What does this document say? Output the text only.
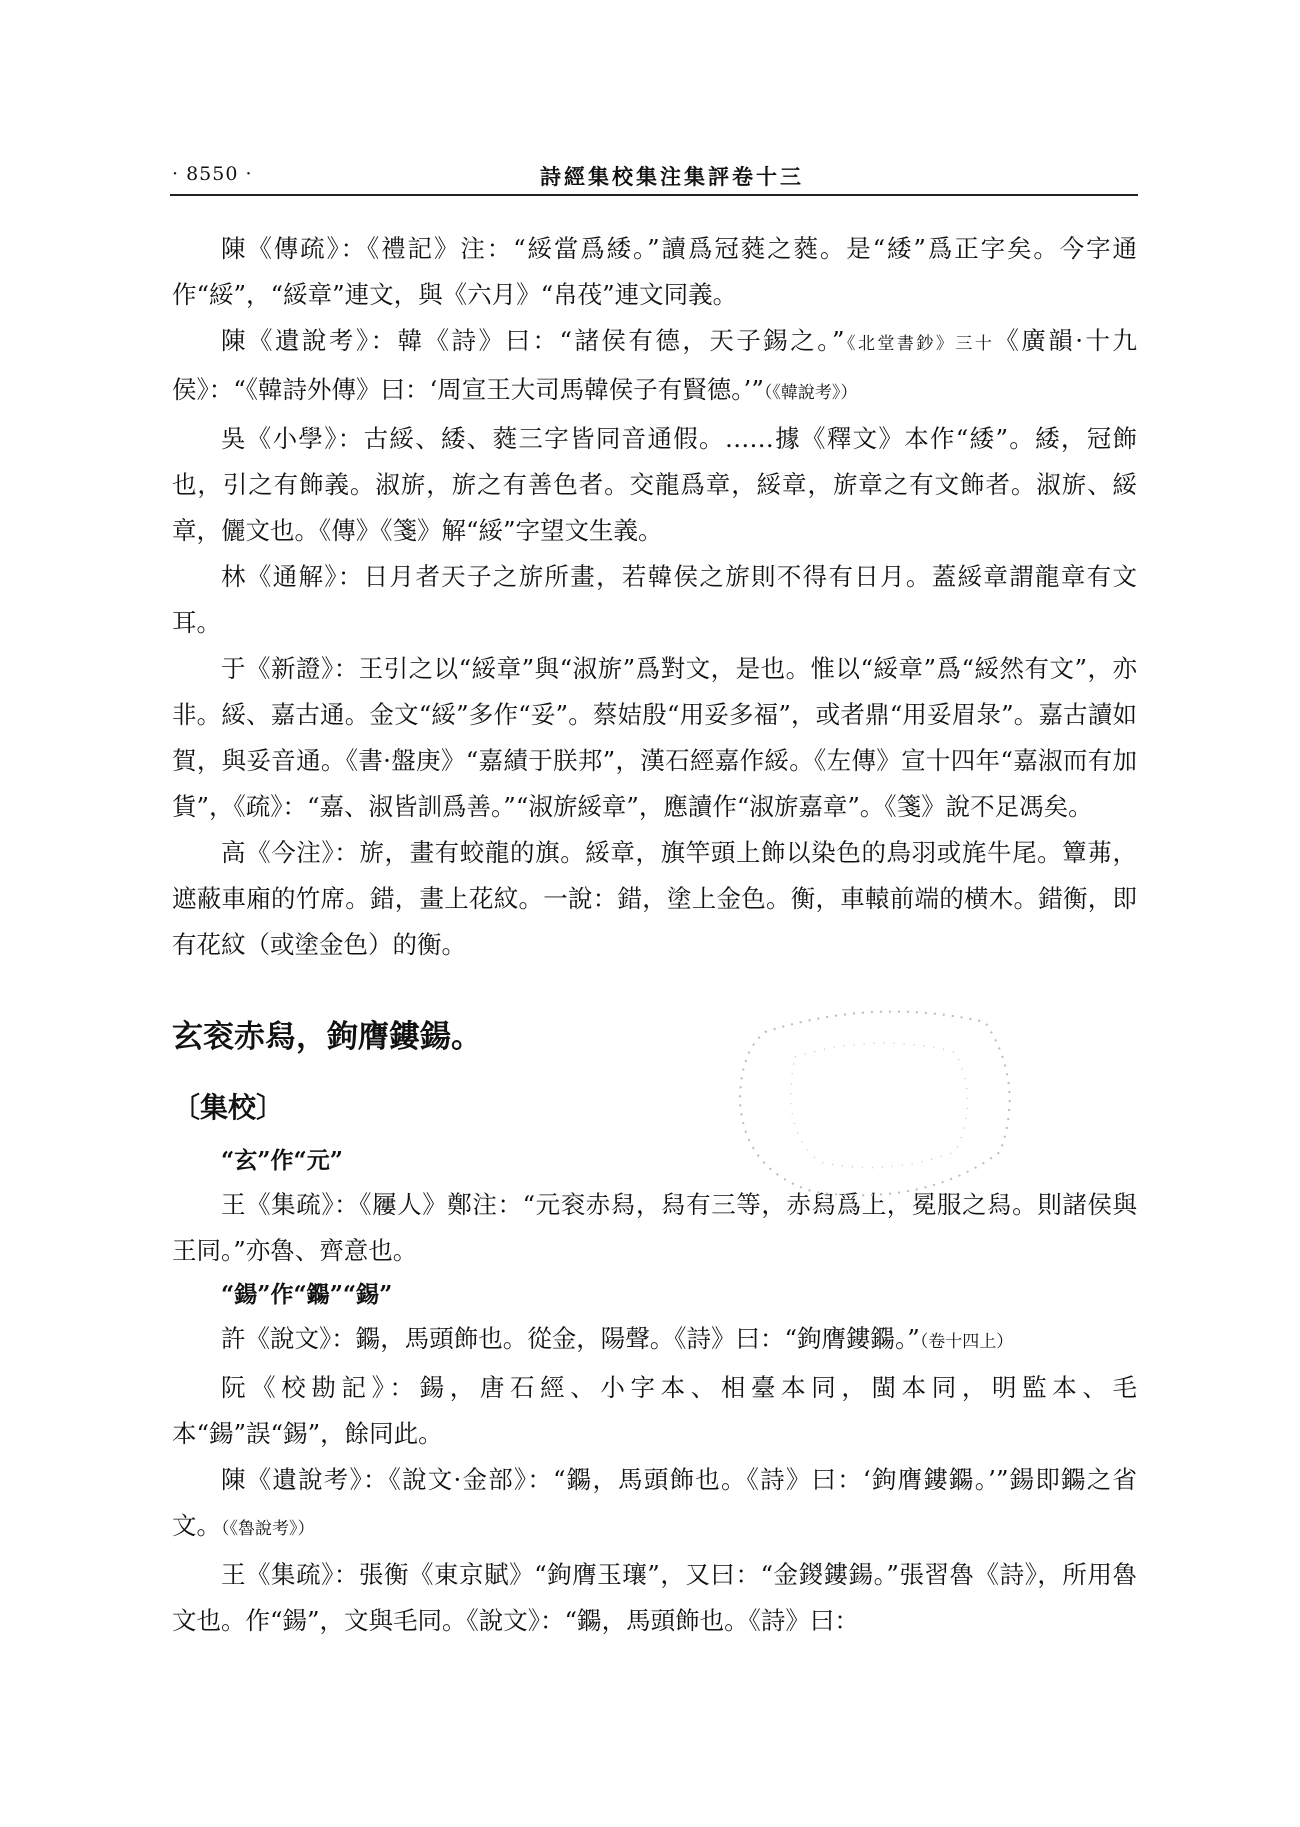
· 8550 ·	詩經集校集注集評卷十三

陳《傳疏》：《禮記》注：“綏當爲緌。”讀爲冠蕤之蕤。是“緌”爲正字矣。今字通作“綏”，“綏章”連文，與《六月》“帛茷”連文同義。

陳《遺說考》：韓《詩》曰：“諸侯有德，天子錫之。”《北堂書鈔》三十《廣韻·十九侯》：“《韓詩外傳》曰：‘周宣王大司馬韓侯子有賢德。’”（《韓說考》）

吳《小學》：古綏、緌、蕤三字皆同音通假。……據《釋文》本作“緌”。緌，冠飾也，引之有飾義。淑旂，旂之有善色者。交龍爲章，綏章，旂章之有文飾者。淑旂、綏章，儷文也。《傳》《箋》解“綏”字望文生義。

林《通解》：日月者天子之旂所畫，若韓侯之旂則不得有日月。蓋綏章謂龍章有文耳。

于《新證》：王引之以“綏章”與“淑旂”爲對文，是也。惟以“綏章”爲“綏然有文”，亦非。綏、嘉古通。金文“綏”多作“妥”。蔡姞殷“用妥多福”，或者鼎“用妥眉彔”。嘉古讀如賀，與妥音通。《書·盤庚》“嘉績于朕邦”，漢石經嘉作綏。《左傳》宣十四年“嘉淑而有加貨”，《疏》：“嘉、淑皆訓爲善。”“淑旂綏章”，應讀作“淑旂嘉章”。《箋》說不足馮矣。

高《今注》：旂，畫有蛟龍的旗。綏章，旗竿頭上飾以染色的鳥羽或旄牛尾。簟茀，遮蔽車廂的竹席。錯，畫上花紋。一說：錯，塗上金色。衡，車轅前端的横木。錯衡，即有花紋（或塗金色）的衡。

玄衮赤舄，鉤膺鏤鍚。
〔集校〕
“玄”作“元”

王《集疏》：《屨人》鄭注：“元衮赤舄，舄有三等，赤舄爲上，冕服之舄。則諸侯與王同。”亦魯、齊意也。

“鍚”作“鐊”“錫”

許《說文》：鐊，馬頭飾也。從金，陽聲。《詩》曰：“鉤膺鏤鐊。”（卷十四上）

阮《校勘記》：鍚，唐石經、小字本、相臺本同，閩本同，明監本、毛本“鍚”誤“錫”，餘同此。

陳《遺說考》：《說文·金部》：“鐊，馬頭飾也。《詩》曰：‘鉤膺鏤鐊。’”鍚即鐊之省文。（《魯說考》）

王《集疏》：張衡《東京賦》“鉤膺玉瓖”，又曰：“金鍐鏤鍚。”張習魯《詩》，所用魯文也。作“鍚”，文與毛同。《說文》：“鐊，馬頭飾也。《詩》曰：
